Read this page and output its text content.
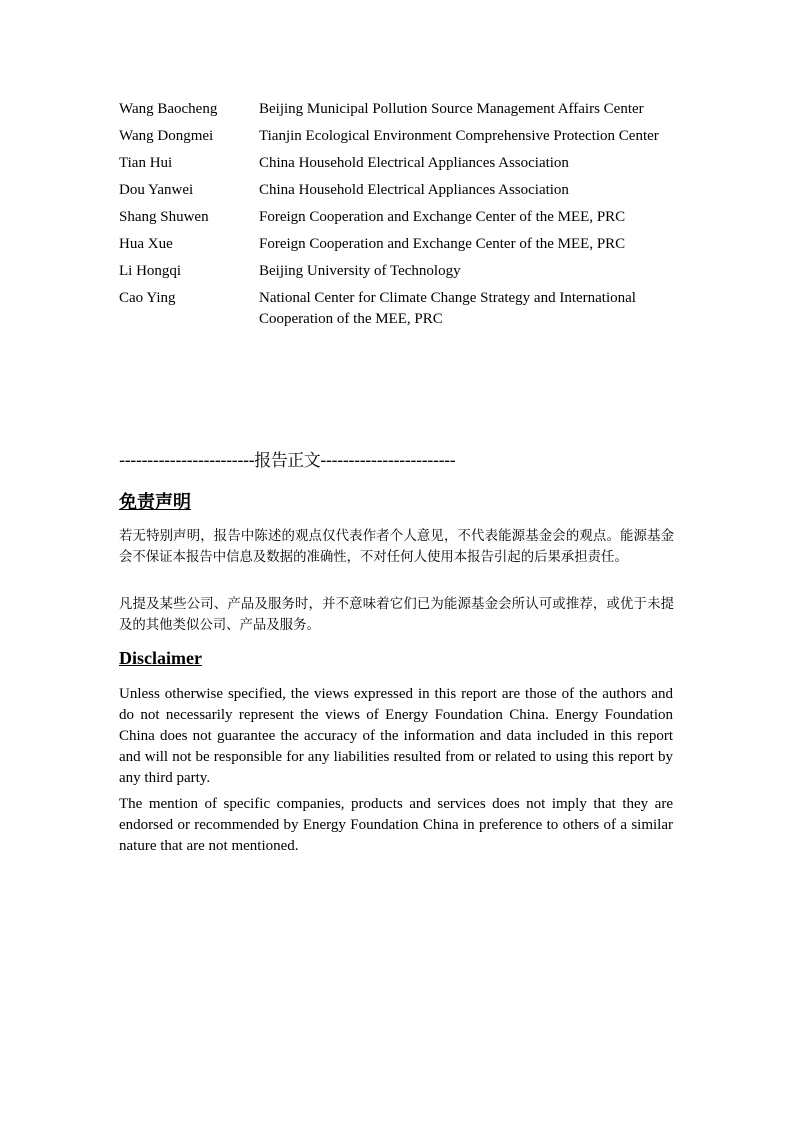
Wang Baocheng	Beijing Municipal Pollution Source Management Affairs Center
Wang Dongmei	Tianjin Ecological Environment Comprehensive Protection Center
Tian Hui	China Household Electrical Appliances Association
Dou Yanwei	China Household Electrical Appliances Association
Shang Shuwen	Foreign Cooperation and Exchange Center of the MEE, PRC
Hua Xue	Foreign Cooperation and Exchange Center of the MEE, PRC
Li Hongqi	Beijing University of Technology
Cao Ying	National Center for Climate Change Strategy and International Cooperation of the MEE, PRC
------------------------报告正文------------------------
免责声明
若无特别声明，报告中陈述的观点仅代表作者个人意见，不代表能源基金会的观点。能源基金会不保证本报告中信息及数据的准确性，不对任何人使用本报告引起的后果承担责任。
凡提及某些公司、产品及服务时，并不意味着它们已为能源基金会所认可或推荐，或优于未提及的其他类似公司、产品及服务。
Disclaimer
Unless otherwise specified, the views expressed in this report are those of the authors and do not necessarily represent the views of Energy Foundation China. Energy Foundation China does not guarantee the accuracy of the information and data included in this report and will not be responsible for any liabilities resulted from or related to using this report by any third party.
The mention of specific companies, products and services does not imply that they are endorsed or recommended by Energy Foundation China in preference to others of a similar nature that are not mentioned.
